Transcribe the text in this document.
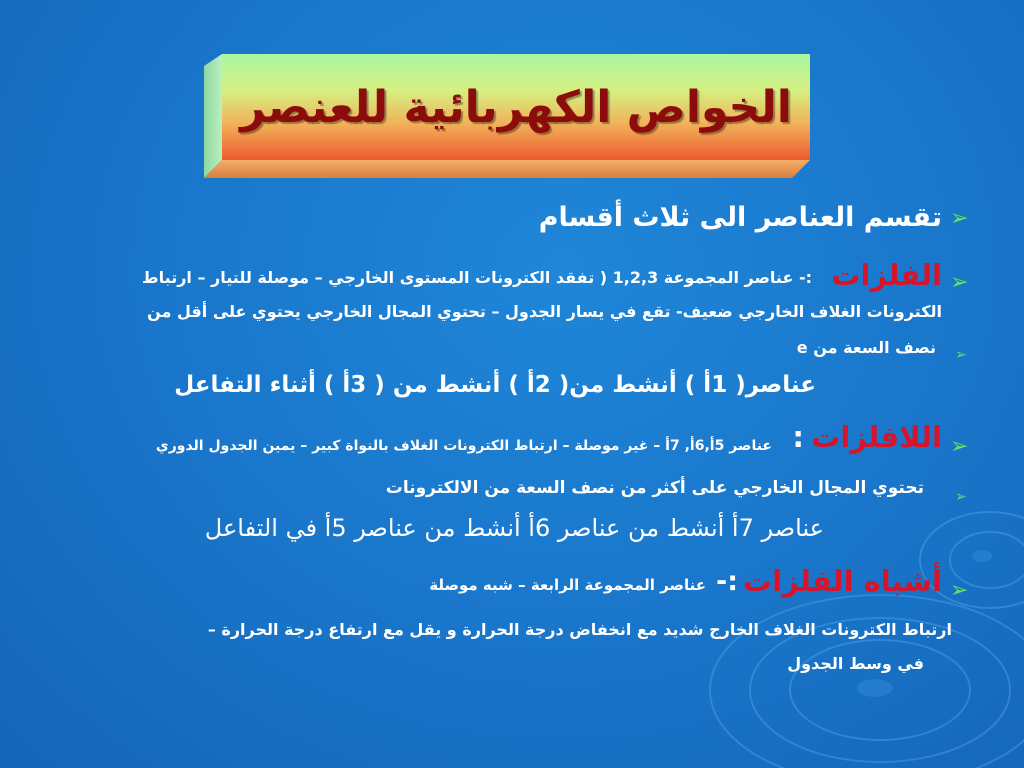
الخواص الكهربائية للعنصر
➢
تقسم العناصر الى ثلاث أقسام
➢
الفلزات
:- عناصر المجموعة 1,2,3 ( تفقد الكترونات المستوى الخارجي – موصلة للتيار – ارتباط
الكترونات الغلاف الخارجي ضعيف- تقع في يسار الجدول – تحتوي المجال الخارجي يحتوي على أقل من
➢
نصف السعة من e
عناصر( 1أ ) أنشط من( 2أ ) أنشط من ( 3أ ) أثناء التفاعل
➢
اللافلزات
:
عناصر 5أ,6أ, 7أ – غير موصلة – ارتباط الكترونات الغلاف بالنواة كبير – يمين الجدول الدوري
➢
تحتوي المجال الخارجي على أكثر من نصف السعة من الالكترونات
عناصر 7أ أنشط من عناصر 6أ أنشط من عناصر 5أ في التفاعل
➢
أشباه الفلزات
:-
عناصر المجموعة الرابعة – شبه موصلة
ارتباط الكترونات الغلاف الخارج شديد مع انخفاض درجة الحرارة و يقل مع ارتفاع درجة الحرارة –
في وسط الجدول
